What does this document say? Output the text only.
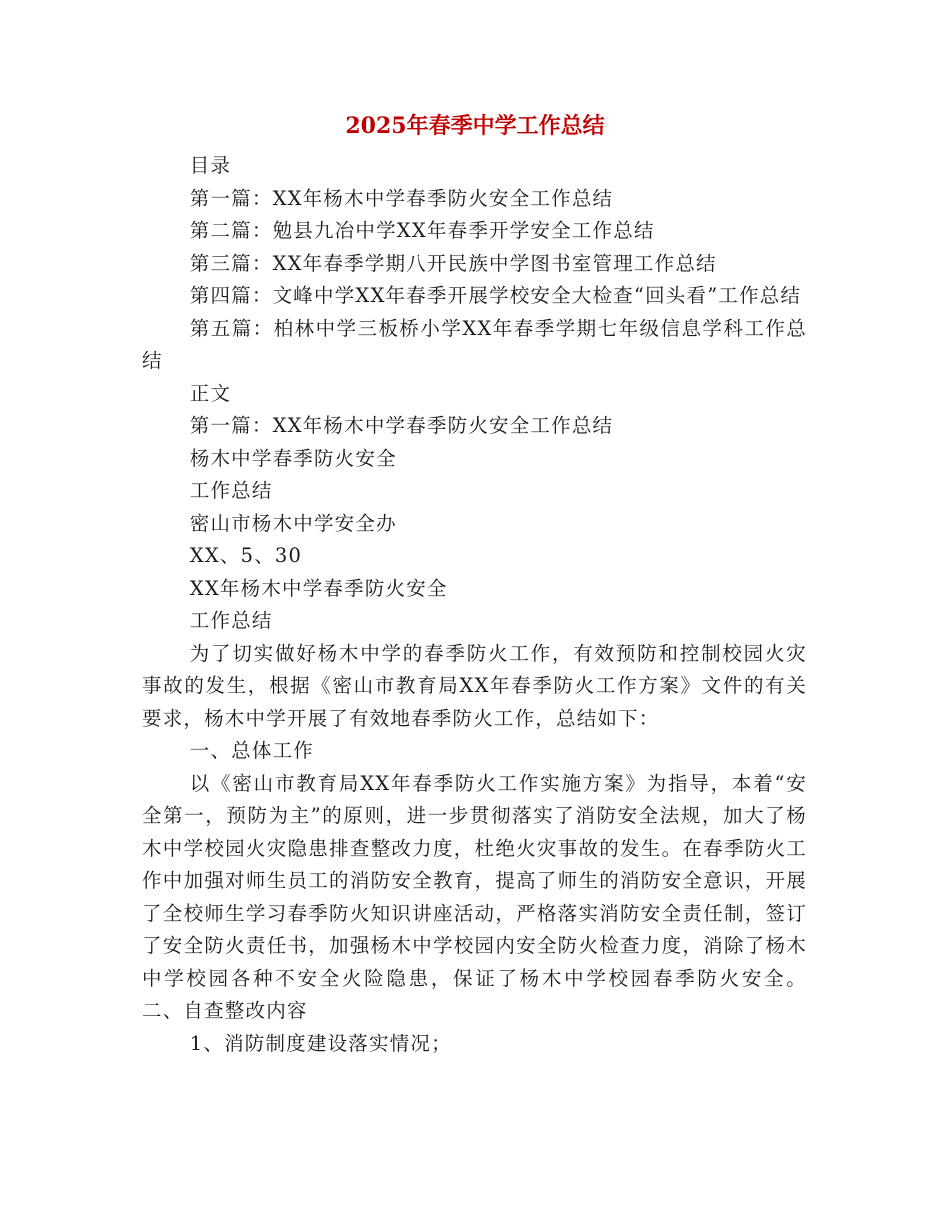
2025年春季中学工作总结

目录

第一篇：XX年杨木中学春季防火安全工作总结

第二篇：勉县九冶中学XX年春季开学安全工作总结

第三篇：XX年春季学期八开民族中学图书室管理工作总结

第四篇：文峰中学XX年春季开展学校安全大检查“回头看”工作总结

第五篇：柏林中学三板桥小学XX年春季学期七年级信息学科工作总结

正文

第一篇：XX年杨木中学春季防火安全工作总结

杨木中学春季防火安全

工作总结

密山市杨木中学安全办

XX、5、30

XX年杨木中学春季防火安全

工作总结

为了切实做好杨木中学的春季防火工作，有效预防和控制校园火灾事故的发生，根据《密山市教育局XX年春季防火工作方案》文件的有关要求，杨木中学开展了有效地春季防火工作，总结如下：

一、总体工作

以《密山市教育局XX年春季防火工作实施方案》为指导，本着“安全第一，预防为主”的原则，进一步贯彻落实了消防安全法规，加大了杨木中学校园火灾隐患排查整改力度，杜绝火灾事故的发生。在春季防火工作中加强对师生员工的消防安全教育，提高了师生的消防安全意识，开展了全校师生学习春季防火知识讲座活动，严格落实消防安全责任制，签订了安全防火责任书，加强杨木中学校园内安全防火检查力度，消除了杨木中学校园各种不安全火险隐患，保证了杨木中学校园春季防火安全。 二、自查整改内容

1、消防制度建设落实情况；
